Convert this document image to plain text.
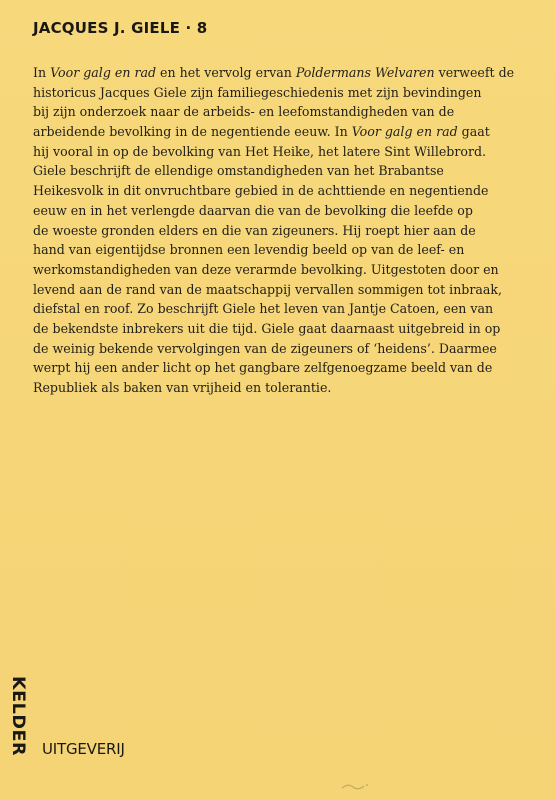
JACQUES J. GIELE · 8
In Voor galg en rad en het vervolg ervan Poldermans Welvaren verweeft de
historicus Jacques Giele zijn familiegeschiedenis met zijn bevindingen
bij zijn onderzoek naar de arbeids- en leefomstandigheden van de
arbeidende bevolking in de negentiende eeuw. In Voor galg en rad gaat
hij vooral in op de bevolking van Het Heike, het latere Sint Willebrord.
Giele beschrijft de ellendige omstandigheden van het Brabantse
Heikesvolk in dit onvruchtbare gebied in de achttiende en negentiende
eeuw en in het verlengde daarvan die van de bevolking die leefde op
de woeste gronden elders en die van zigeuners. Hij roept hier aan de
hand van eigentijdse bronnen een levendig beeld op van de leef- en
werkomstandigheden van deze verarmde bevolking. Uitgestoten door en
levend aan de rand van de maatschappij vervallen sommigen tot inbraak,
diefstal en roof. Zo beschrijft Giele het leven van Jantje Catoen, een van
de bekendste inbrekers uit die tijd. Giele gaat daarnaast uitgebreid in op
de weinig bekende vervolgingen van de zigeuners of ‘heidens’. Daarmee
werpt hij een ander licht op het gangbare zelfgenoegzame beeld van de
Republiek als baken van vrijheid en tolerantie.
KELDER UITGEVERIJ
